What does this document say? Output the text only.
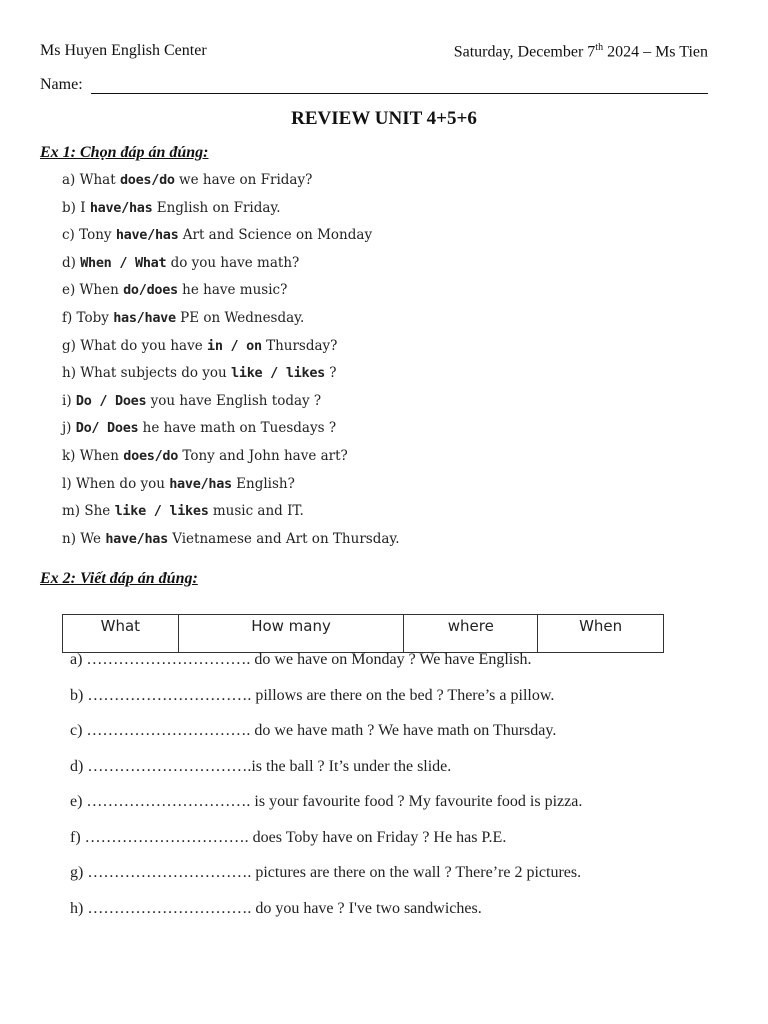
Ms Huyen English Center	Saturday, December 7th 2024 – Ms Tien
Name:
REVIEW UNIT 4+5+6
Ex 1: Chọn đáp án đúng:
a) What does/do we have on Friday?
b) I have/has English on Friday.
c) Tony have/has Art and Science on Monday
d) When / What do you have math?
e) When do/does he have music?
f) Toby has/have PE on Wednesday.
g) What do you have in / on Thursday?
h) What subjects do you like / likes ?
i) Do / Does you have English today ?
j) Do/ Does he have math on Tuesdays ?
k) When does/do Tony and John have art?
l) When do you have/has English?
m) She like / likes music and IT.
n) We have/has Vietnamese and Art on Thursday.
Ex 2: Viết đáp án đúng:
What	How many	where	When
a) …………………………. do we have on Monday ? We have English.
b) …………………………. pillows are there on the bed ? There’s a pillow.
c) …………………………. do we have math ? We have math on Thursday.
d) ………………………….is the ball ? It’s under the slide.
e) …………………………. is your favourite food ? My favourite food is pizza.
f) …………………………. does Toby have on Friday ? He has P.E.
g) …………………………. pictures are there on the wall ? There’re 2 pictures.
h) …………………………. do you have ? I've two sandwiches.
